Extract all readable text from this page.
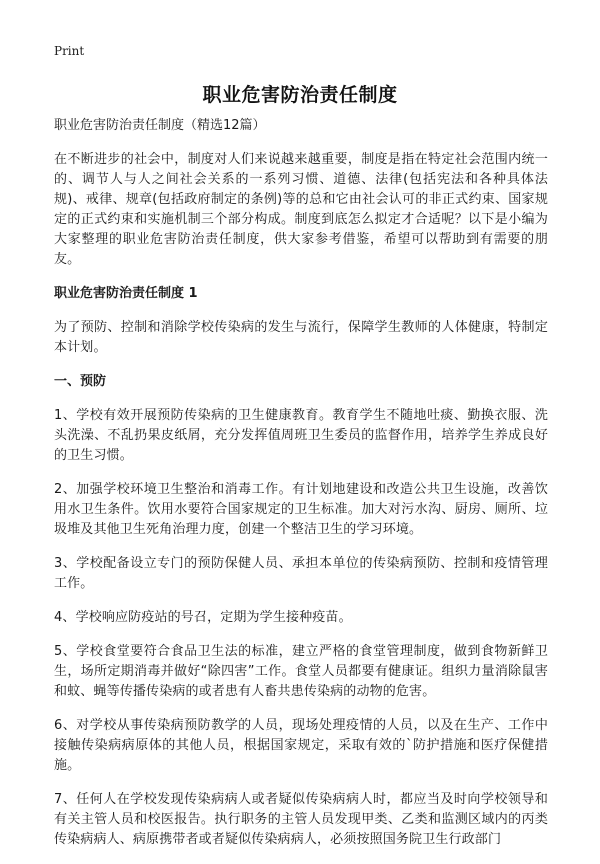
Print
职业危害防治责任制度

职业危害防治责任制度（精选12篇）

在不断进步的社会中，制度对人们来说越来越重要，制度是指在特定社会范围内统一的、调节人与人之间社会关系的一系列习惯、道德、法律(包括宪法和各种具体法规)、戒律、规章(包括政府制定的条例)等的总和它由社会认可的非正式约束、国家规定的正式约束和实施机制三个部分构成。制度到底怎么拟定才合适呢？以下是小编为大家整理的职业危害防治责任制度，供大家参考借鉴，希望可以帮助到有需要的朋友。

职业危害防治责任制度 1

为了预防、控制和消除学校传染病的发生与流行，保障学生教师的人体健康，特制定本计划。

一、预防

1、学校有效开展预防传染病的卫生健康教育。教育学生不随地吐痰、勤换衣服、洗头洗澡、不乱扔果皮纸屑，充分发挥值周班卫生委员的监督作用，培养学生养成良好的卫生习惯。

2、加强学校环境卫生整治和消毒工作。有计划地建设和改造公共卫生设施，改善饮用水卫生条件。饮用水要符合国家规定的卫生标准。加大对污水沟、厨房、厕所、垃圾堆及其他卫生死角治理力度，创建一个整洁卫生的学习环境。

3、学校配备设立专门的预防保健人员、承担本单位的传染病预防、控制和疫情管理工作。

4、学校响应防疫站的号召，定期为学生接种疫苗。

5、学校食堂要符合食品卫生法的标准，建立严格的食堂管理制度，做到食物新鲜卫生，场所定期消毒并做好“除四害”工作。食堂人员都要有健康证。组织力量消除鼠害和蚊、蝇等传播传染病的或者患有人畜共患传染病的动物的危害。

6、对学校从事传染病预防教学的人员，现场处理疫情的人员，以及在生产、工作中接触传染病病原体的其他人员，根据国家规定，采取有效的`防护措施和医疗保健措施。

7、任何人在学校发现传染病病人或者疑似传染病病人时，都应当及时向学校领导和有关主管人员和校医报告。执行职务的主管人员发现甲类、乙类和监测区域内的丙类传染病病人、病原携带者或者疑似传染病病人，必须按照国务院卫生行政部门
